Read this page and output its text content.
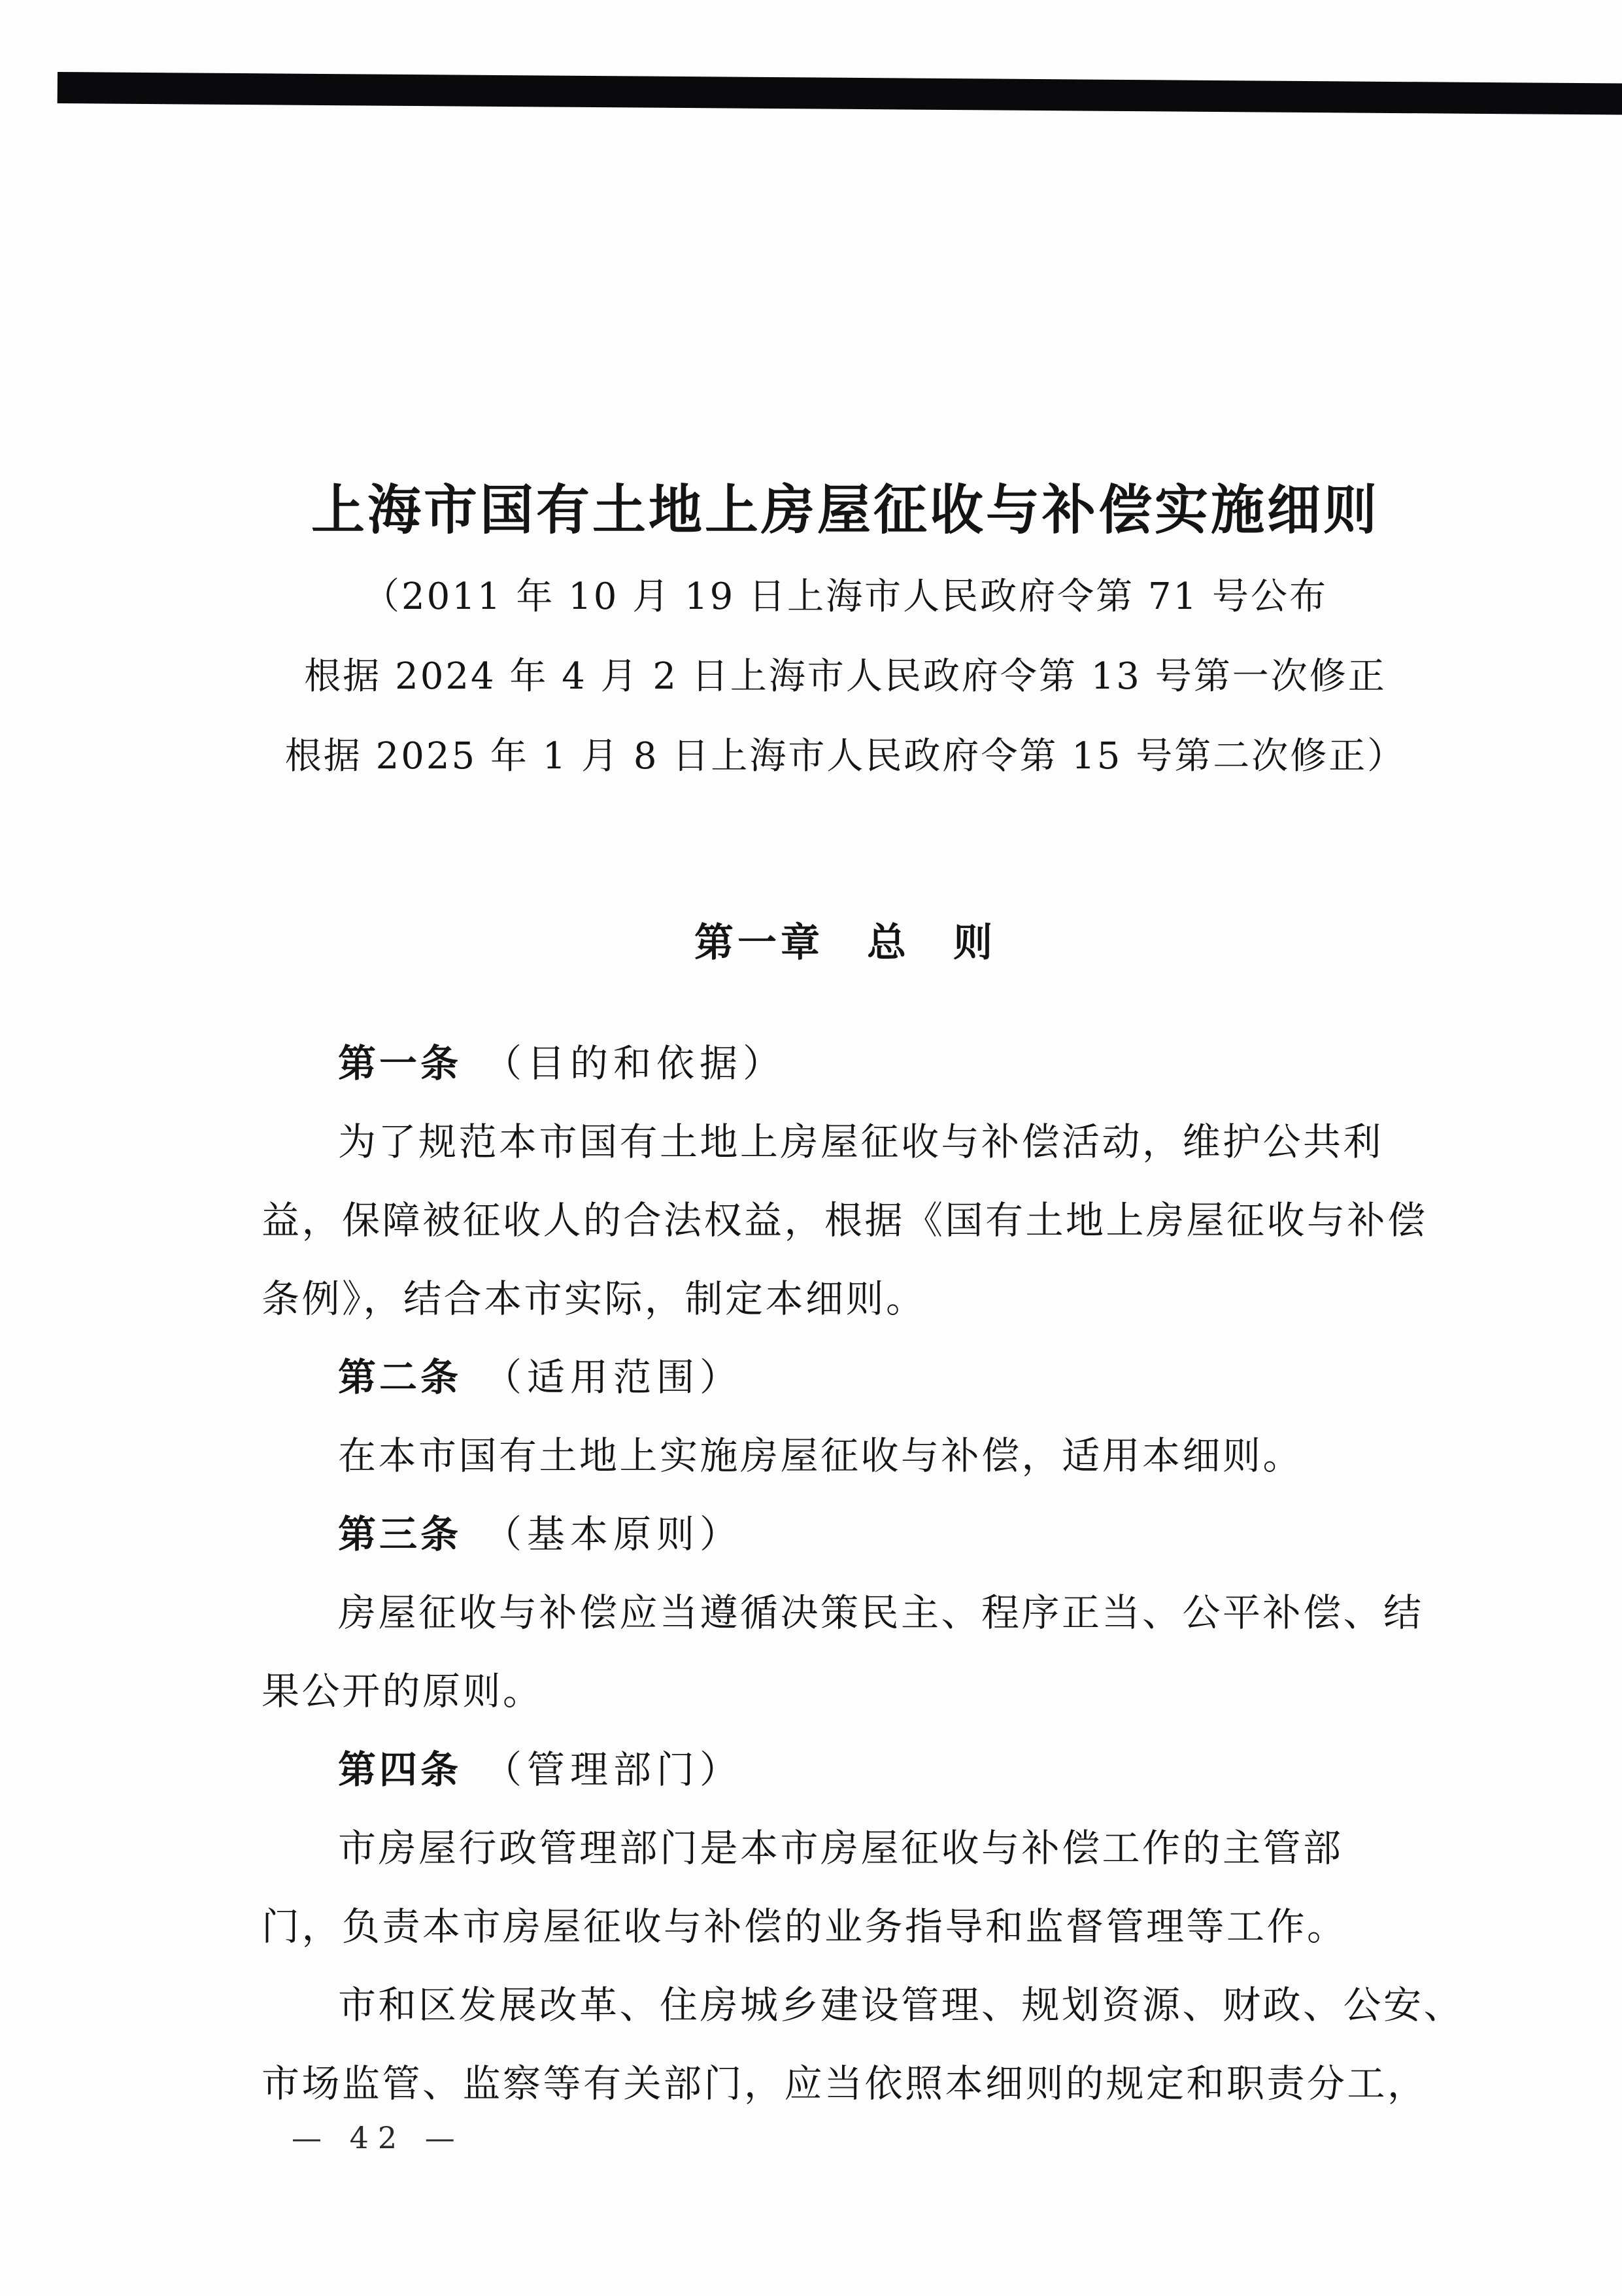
上海市国有土地上房屋征收与补偿实施细则
（2011 年 10 月 19 日上海市人民政府令第 71 号公布
根据 2024 年 4 月 2 日上海市人民政府令第 13 号第一次修正
根据 2025 年 1 月 8 日上海市人民政府令第 15 号第二次修正）
第一章　总　则
第一条 （目的和依据）
为了规范本市国有土地上房屋征收与补偿活动，维护公共利
益，保障被征收人的合法权益，根据《国有土地上房屋征收与补偿
条例》，结合本市实际，制定本细则。
第二条 （适用范围）
在本市国有土地上实施房屋征收与补偿，适用本细则。
第三条 （基本原则）
房屋征收与补偿应当遵循决策民主、程序正当、公平补偿、结
果公开的原则。
第四条 （管理部门）
市房屋行政管理部门是本市房屋征收与补偿工作的主管部
门，负责本市房屋征收与补偿的业务指导和监督管理等工作。
市和区发展改革、住房城乡建设管理、规划资源、财政、公安、
市场监管、监察等有关部门，应当依照本细则的规定和职责分工，
— 42 —
